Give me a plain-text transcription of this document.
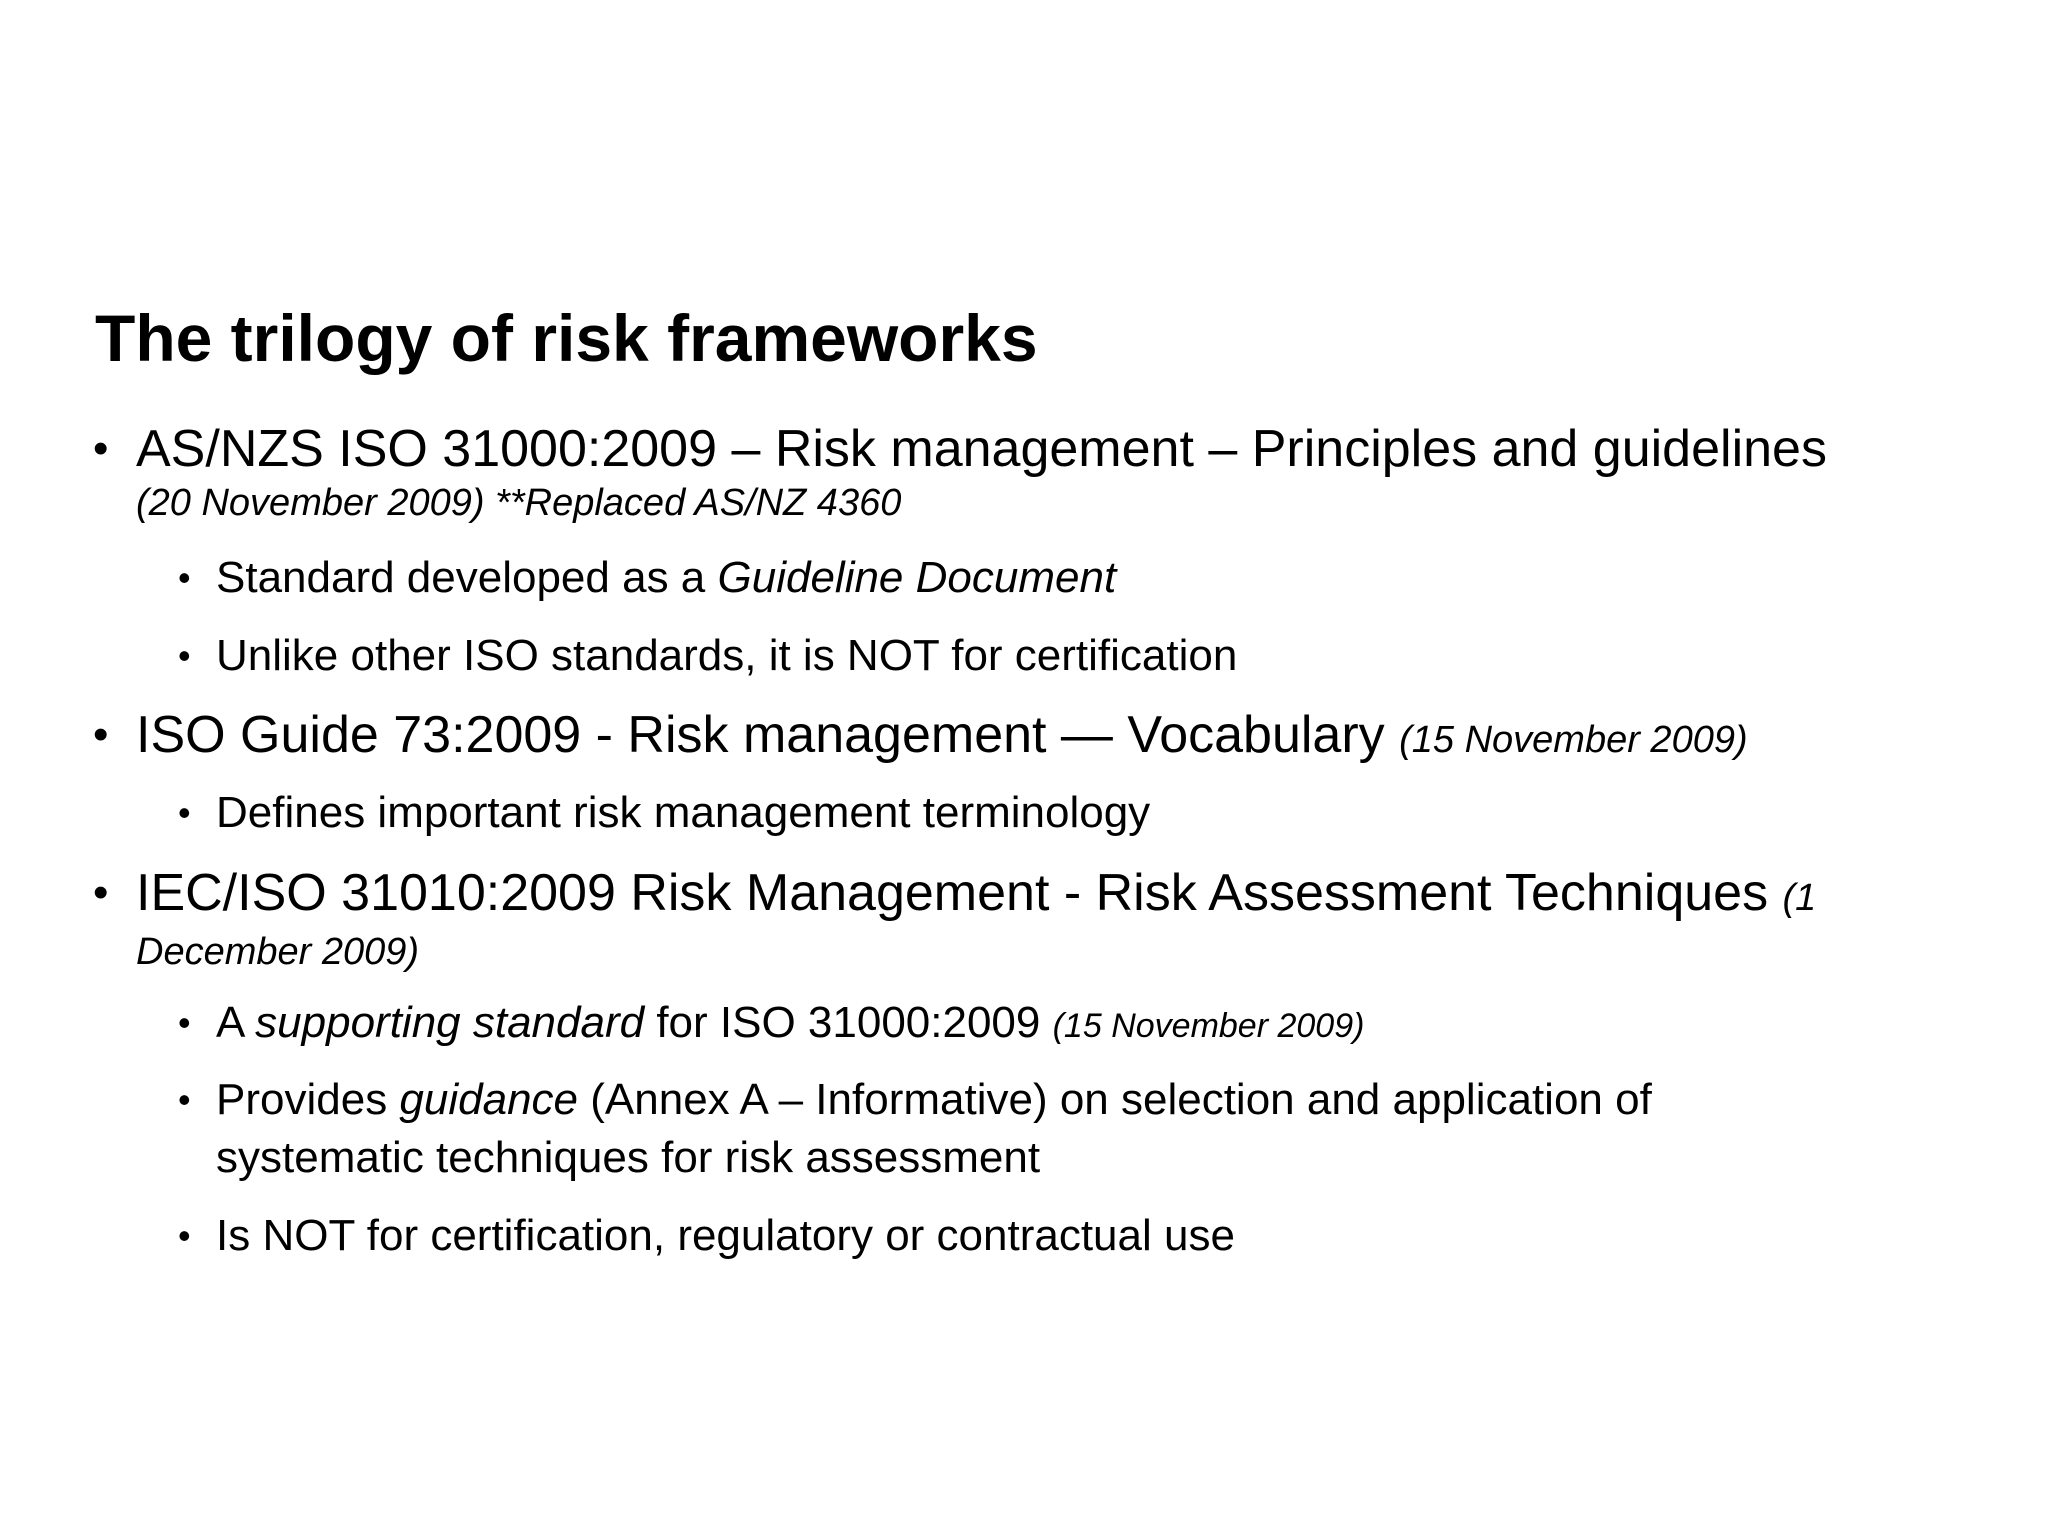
The trilogy of risk frameworks
• AS/NZS ISO 31000:2009 – Risk management – Principles and guidelines
(20 November 2009) **Replaced AS/NZ 4360
• Standard developed as a Guideline Document
• Unlike other ISO standards, it is NOT for certification
• ISO Guide 73:2009 - Risk management — Vocabulary (15 November 2009)
• Defines important risk management terminology
• IEC/ISO 31010:2009 Risk Management - Risk Assessment Techniques (1
December 2009)
• A supporting standard for ISO 31000:2009 (15 November 2009)
• Provides guidance (Annex A – Informative) on selection and application of
systematic techniques for risk assessment
• Is NOT for certification, regulatory or contractual use
